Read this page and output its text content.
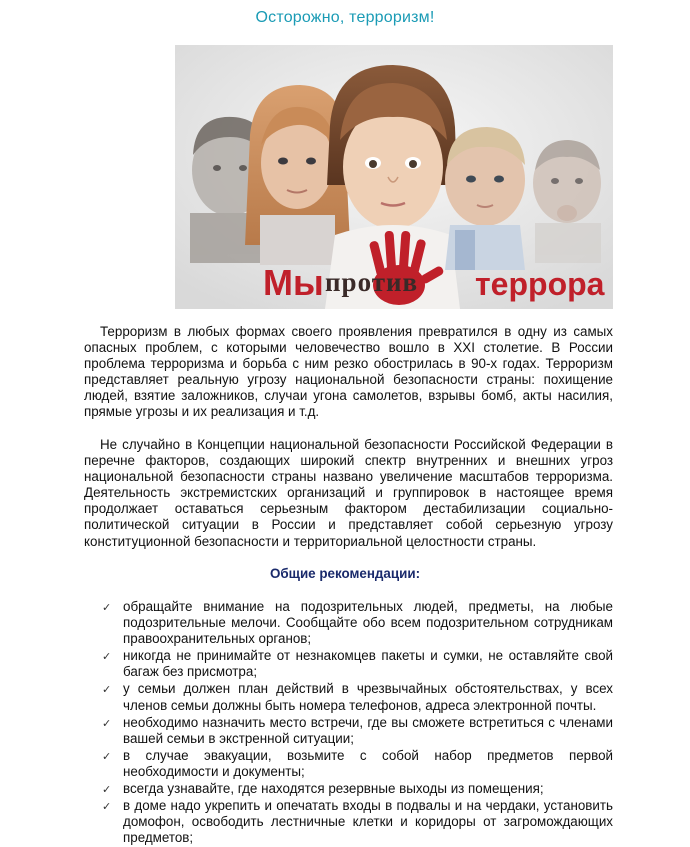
Осторожно, терроризм!
Мы против террора

Терроризм в любых формах своего проявления превратился в одну из самых опасных проблем, с которыми человечество вошло в XXI столетие. В России проблема терроризма и борьба с ним резко обострилась в 90-х годах. Терроризм представляет реальную угрозу национальной безопасности страны: похищение людей, взятие заложников, случаи угона самолетов, взрывы бомб, акты насилия, прямые угрозы и их реализация и т.д.

Не случайно в Концепции национальной безопасности Российской Федерации в перечне факторов, создающих широкий спектр внутренних и внешних угроз национальной безопасности страны названо увеличение масштабов терроризма. Деятельность экстремистских организаций и группировок в настоящее время продолжает оставаться серьезным фактором дестабилизации социально-политической ситуации в России и представляет собой серьезную угрозу конституционной безопасности и территориальной целостности страны.

Общие рекомендации:
✓ обращайте внимание на подозрительных людей, предметы, на любые подозрительные мелочи. Сообщайте обо всем подозрительном сотрудникам правоохранительных органов;
✓ никогда не принимайте от незнакомцев пакеты и сумки, не оставляйте свой багаж без присмотра;
✓ у семьи должен план действий в чрезвычайных обстоятельствах, у всех членов семьи должны быть номера телефонов, адреса электронной почты.
✓ необходимо назначить место встречи, где вы сможете встретиться с членами вашей семьи в экстренной ситуации;
✓ в случае эвакуации, возьмите с собой набор предметов первой необходимости и документы;
✓ всегда узнавайте, где находятся резервные выходы из помещения;
✓ в доме надо укрепить и опечатать входы в подвалы и на чердаки, установить домофон, освободить лестничные клетки и коридоры от загромождающих предметов;
